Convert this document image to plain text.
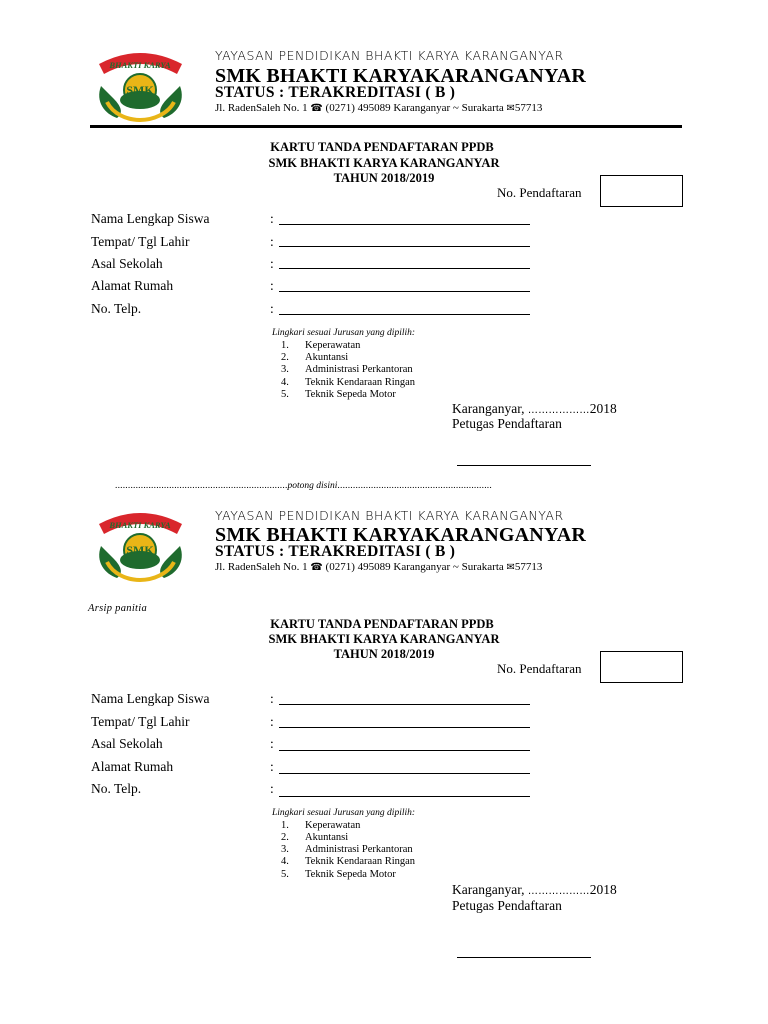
BHAKTI KARYA
SMK
YAYASAN PENDIDIKAN BHAKTI KARYA KARANGANYAR
SMK BHAKTI KARYAKARANGANYAR
STATUS : TERAKREDITASI ( B )
Jl. RadenSaleh No. 1 ☎ (0271) 495089 Karanganyar ~ Surakarta ✉57713
KARTU TANDA PENDAFTARAN PPDB
SMK BHAKTI KARYA KARANGANYAR
TAHUN 2018/2019
No. Pendaftaran
Nama Lengkap Siswa	:
Tempat/ Tgl Lahir	:
Asal Sekolah	:
Alamat Rumah	:
No. Telp.	:
Lingkari sesuai Jurusan yang dipilih:
1. Keperawatan
2. Akuntansi
3. Administrasi Perkantoran
4. Teknik Kendaraan Ringan
5. Teknik Sepeda Motor
Karanganyar, ………………2018
Petugas Pendaftaran
...................................................................potong disini............................................................
BHAKTI KARYA
SMK
YAYASAN PENDIDIKAN BHAKTI KARYA KARANGANYAR
SMK BHAKTI KARYAKARANGANYAR
STATUS : TERAKREDITASI ( B )
Jl. RadenSaleh No. 1 ☎ (0271) 495089 Karanganyar ~ Surakarta ✉57713
Arsip panitia
KARTU TANDA PENDAFTARAN PPDB
SMK BHAKTI KARYA KARANGANYAR
TAHUN 2018/2019
No. Pendaftaran
Nama Lengkap Siswa	:
Tempat/ Tgl Lahir	:
Asal Sekolah	:
Alamat Rumah	:
No. Telp.	:
Lingkari sesuai Jurusan yang dipilih:
1. Keperawatan
2. Akuntansi
3. Administrasi Perkantoran
4. Teknik Kendaraan Ringan
5. Teknik Sepeda Motor
Karanganyar, ………………2018
Petugas Pendaftaran
